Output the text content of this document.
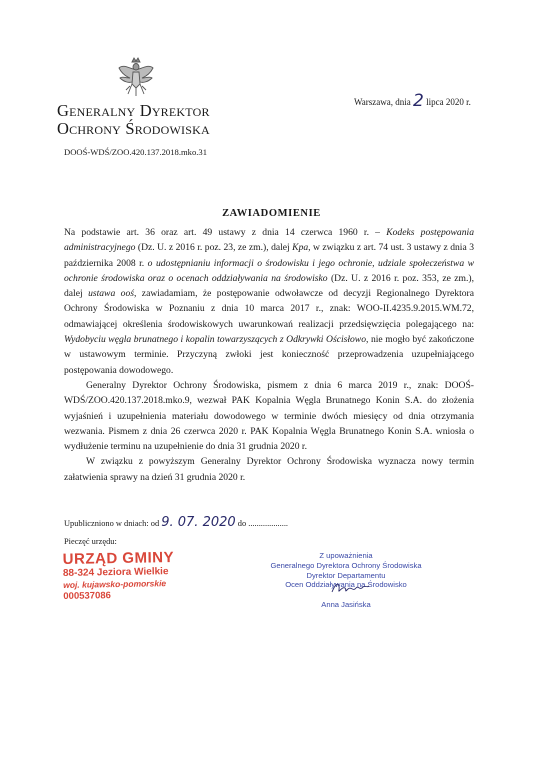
Warszawa, dnia 2 lipca 2020 r.
Generalny Dyrektor
Ochrony Środowiska
DOOŚ-WDŚ/ZOO.420.137.2018.mko.31
ZAWIADOMIENIE

Na podstawie art. 36 oraz art. 49 ustawy z dnia 14 czerwca 1960 r. – Kodeks postępowania administracyjnego (Dz. U. z 2016 r. poz. 23, ze zm.), dalej Kpa, w związku z art. 74 ust. 3 ustawy z dnia 3 października 2008 r. o udostępnianiu informacji o środowisku i jego ochronie, udziale społeczeństwa w ochronie środowiska oraz o ocenach oddziaływania na środowisko (Dz. U. z 2016 r. poz. 353, ze zm.), dalej ustawa ooś, zawiadamiam, że postępowanie odwoławcze od decyzji Regionalnego Dyrektora Ochrony Środowiska w Poznaniu z dnia 10 marca 2017 r., znak: WOO-II.4235.9.2015.WM.72, odmawiającej określenia środowiskowych uwarunkowań realizacji przedsięwzięcia polegającego na: Wydobyciu węgla brunatnego i kopalin towarzyszących z Odkrywki Ościsłowo, nie mogło być zakończone w ustawowym terminie. Przyczyną zwłoki jest konieczność przeprowadzenia uzupełniającego postępowania dowodowego.

Generalny Dyrektor Ochrony Środowiska, pismem z dnia 6 marca 2019 r., znak: DOOŚ-WDŚ/ZOO.420.137.2018.mko.9, wezwał PAK Kopalnia Węgla Brunatnego Konin S.A. do złożenia wyjaśnień i uzupełnienia materiału dowodowego w terminie dwóch miesięcy od dnia otrzymania wezwania. Pismem z dnia 26 czerwca 2020 r. PAK Kopalnia Węgla Brunatnego Konin S.A. wniosła o wydłużenie terminu na uzupełnienie do dnia 31 grudnia 2020 r.

W związku z powyższym Generalny Dyrektor Ochrony Środowiska wyznacza nowy termin załatwienia sprawy na dzień 31 grudnia 2020 r.

Upubliczniono w dniach: od 9. 07. 2020 do ...................
Pieczęć urzędu:
URZĄD GMINY
88-324 Jeziora Wielkie
woj. kujawsko-pomorskie
000537086
Z upoważnienia
Generalnego Dyrektora Ochrony Środowiska
Dyrektor Departamentu
Ocen Oddziaływania na Środowisko
Anna Jasińska
